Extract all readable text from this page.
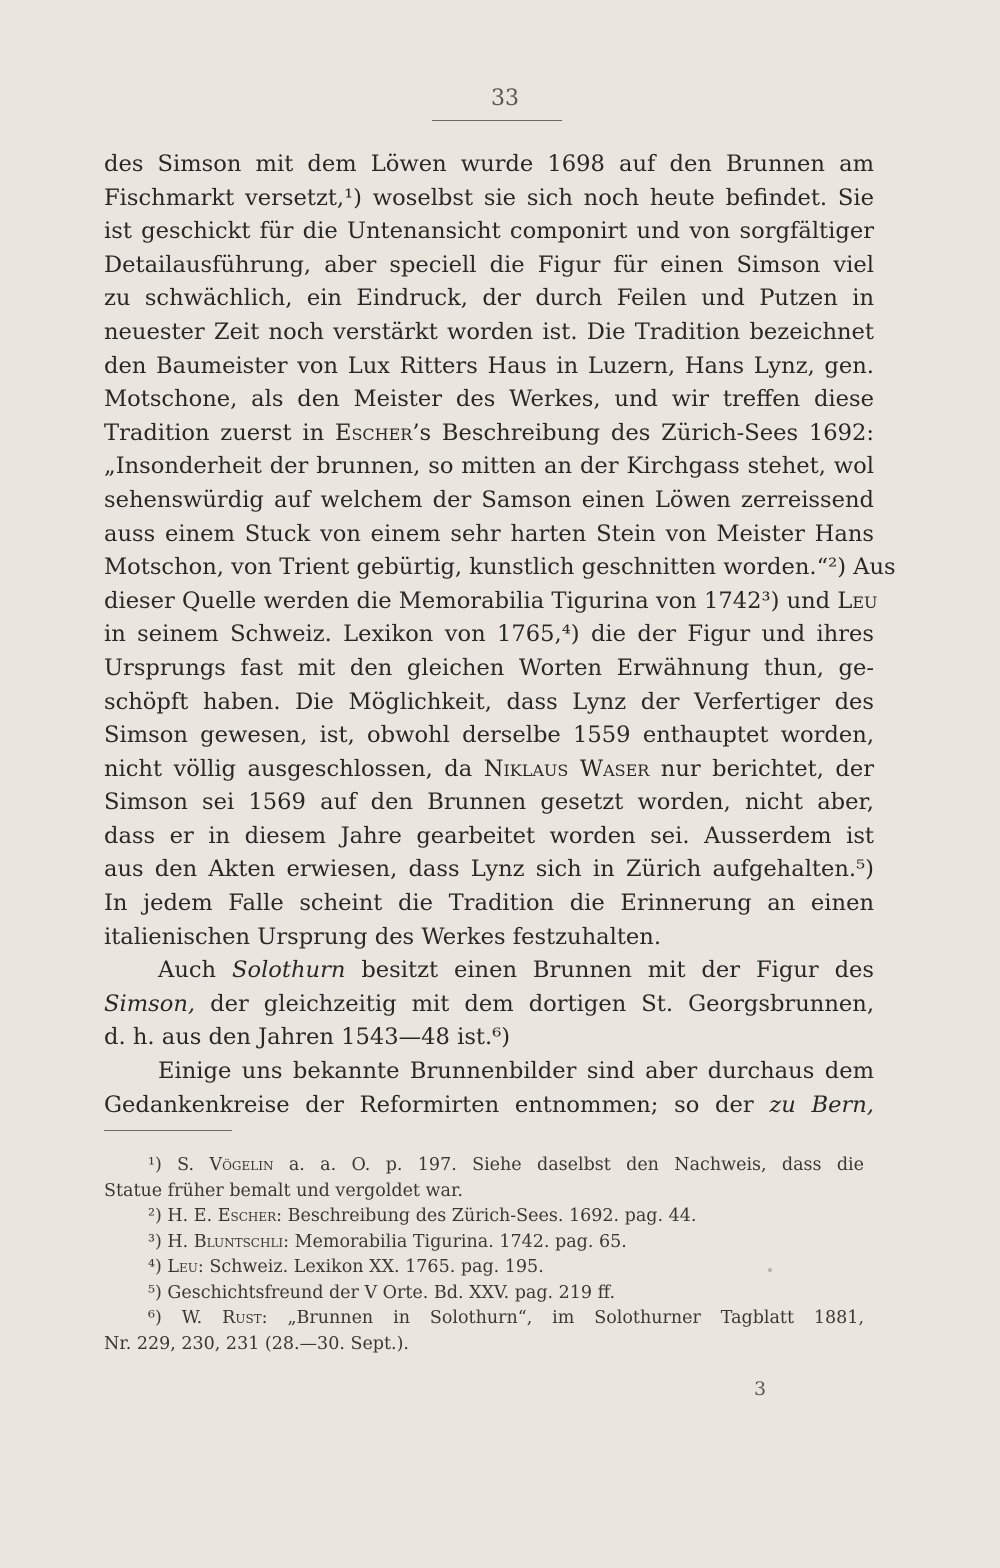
33
des Simson mit dem Löwen wurde 1698 auf den Brunnen am
Fischmarkt versetzt,¹) woselbst sie sich noch heute befindet. Sie
ist geschickt für die Untenansicht componirt und von sorgfältiger
Detailausführung, aber speciell die Figur für einen Simson viel
zu schwächlich, ein Eindruck, der durch Feilen und Putzen in
neuester Zeit noch verstärkt worden ist. Die Tradition bezeichnet
den Baumeister von Lux Ritters Haus in Luzern, Hans Lynz, gen.
Motschone, als den Meister des Werkes, und wir treffen diese
Tradition zuerst in Escher’s Beschreibung des Zürich-Sees 1692:
„Insonderheit der brunnen, so mitten an der Kirchgass stehet, wol
sehenswürdig auf welchem der Samson einen Löwen zerreissend
auss einem Stuck von einem sehr harten Stein von Meister Hans
Motschon, von Trient gebürtig, kunstlich geschnitten worden.“²) Aus
dieser Quelle werden die Memorabilia Tigurina von 1742³) und Leu
in seinem Schweiz. Lexikon von 1765,⁴) die der Figur und ihres
Ursprungs fast mit den gleichen Worten Erwähnung thun, ge-
schöpft haben. Die Möglichkeit, dass Lynz der Verfertiger des
Simson gewesen, ist, obwohl derselbe 1559 enthauptet worden,
nicht völlig ausgeschlossen, da Niklaus Waser nur berichtet, der
Simson sei 1569 auf den Brunnen gesetzt worden, nicht aber,
dass er in diesem Jahre gearbeitet worden sei. Ausserdem ist
aus den Akten erwiesen, dass Lynz sich in Zürich aufgehalten.⁵)
In jedem Falle scheint die Tradition die Erinnerung an einen
italienischen Ursprung des Werkes festzuhalten.
Auch Solothurn besitzt einen Brunnen mit der Figur des
Simson, der gleichzeitig mit dem dortigen St. Georgsbrunnen,
d. h. aus den Jahren 1543—48 ist.⁶)
Einige uns bekannte Brunnenbilder sind aber durchaus dem
Gedankenkreise der Reformirten entnommen; so der zu Bern,
¹) S. Vögelin a. a. O. p. 197. Siehe daselbst den Nachweis, dass die
Statue früher bemalt und vergoldet war.
²) H. E. Escher: Beschreibung des Zürich-Sees. 1692. pag. 44.
³) H. Bluntschli: Memorabilia Tigurina. 1742. pag. 65.
⁴) Leu: Schweiz. Lexikon XX. 1765. pag. 195.
⁵) Geschichtsfreund der V Orte. Bd. XXV. pag. 219 ff.
⁶) W. Rust: „Brunnen in Solothurn“, im Solothurner Tagblatt 1881,
Nr. 229, 230, 231 (28.—30. Sept.).
3
